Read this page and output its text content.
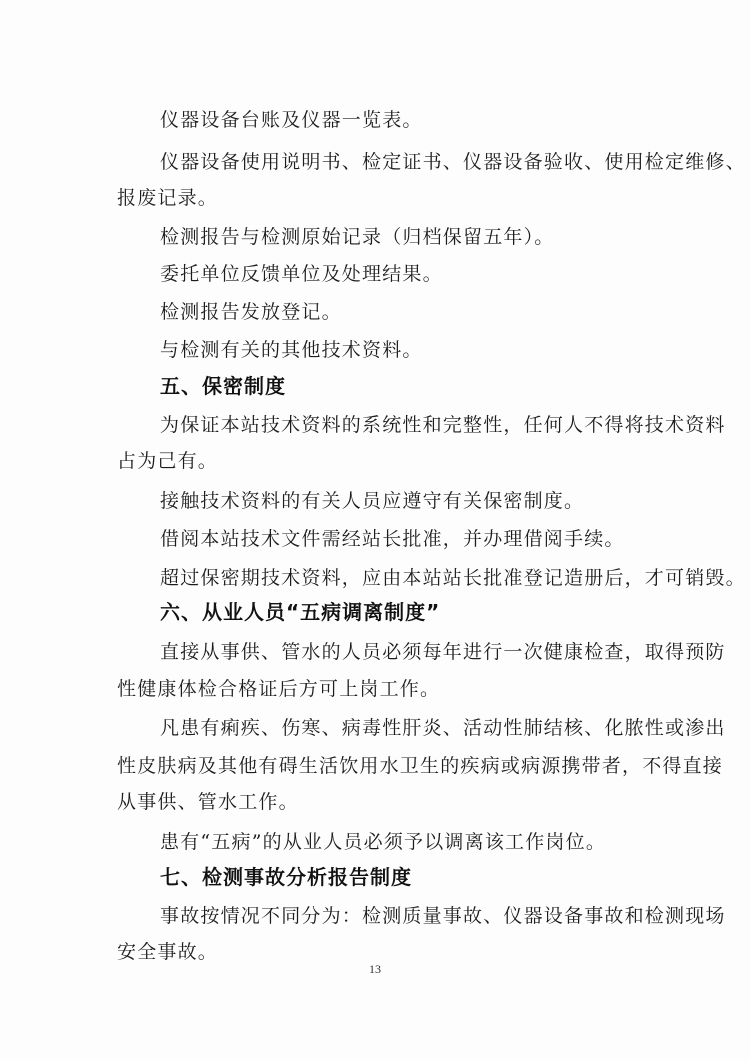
仪器设备台账及仪器一览表。
仪器设备使用说明书、检定证书、仪器设备验收、使用检定维修、
报废记录。
检测报告与检测原始记录（归档保留五年）。
委托单位反馈单位及处理结果。
检测报告发放登记。
与检测有关的其他技术资料。
五、保密制度
为保证本站技术资料的系统性和完整性，任何人不得将技术资料
占为己有。
接触技术资料的有关人员应遵守有关保密制度。
借阅本站技术文件需经站长批准，并办理借阅手续。
超过保密期技术资料，应由本站站长批准登记造册后，才可销毁。
六、从业人员“五病调离制度”
直接从事供、管水的人员必须每年进行一次健康检查，取得预防
性健康体检合格证后方可上岗工作。
凡患有痢疾、伤寒、病毒性肝炎、活动性肺结核、化脓性或渗出
性皮肤病及其他有碍生活饮用水卫生的疾病或病源携带者，不得直接
从事供、管水工作。
患有“五病”的从业人员必须予以调离该工作岗位。
七、检测事故分析报告制度
事故按情况不同分为：检测质量事故、仪器设备事故和检测现场
安全事故。
13
